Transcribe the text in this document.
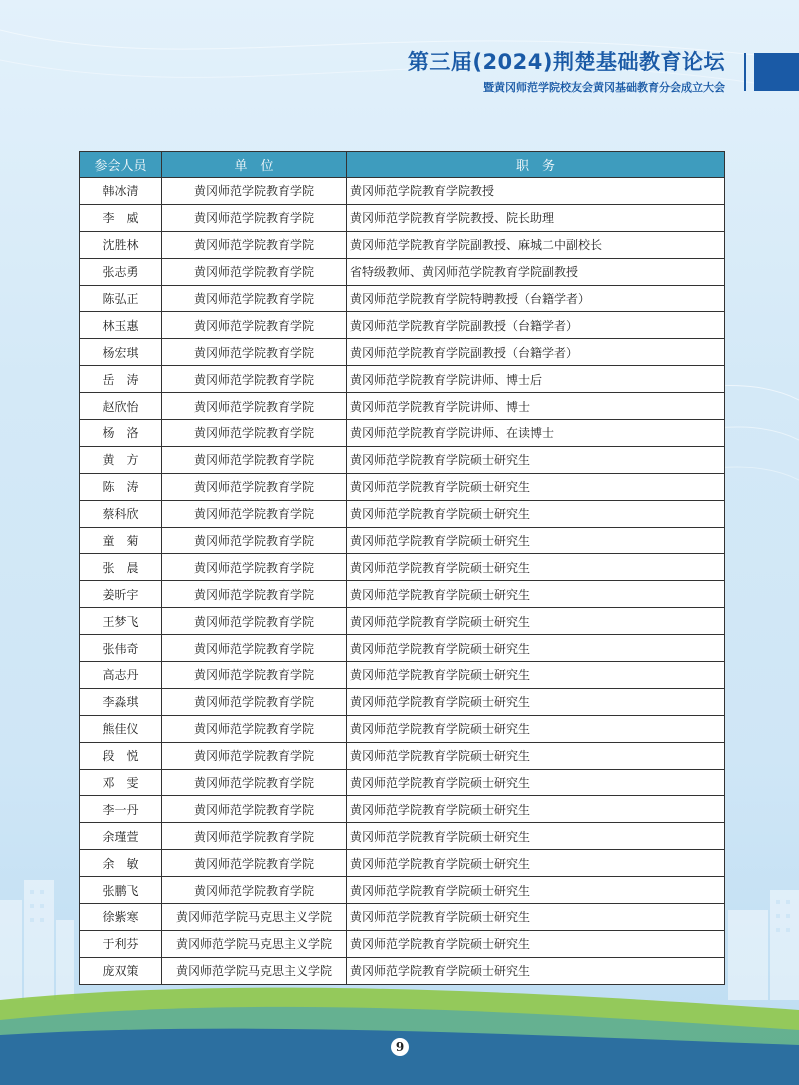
第三届(2024)荆楚基础教育论坛
暨黄冈师范学院校友会黄冈基础教育分会成立大会
参会人员	单　位	职　务
韩冰清	黄冈师范学院教育学院	黄冈师范学院教育学院教授
李　威	黄冈师范学院教育学院	黄冈师范学院教育学院教授、院长助理
沈胜林	黄冈师范学院教育学院	黄冈师范学院教育学院副教授、麻城二中副校长
张志勇	黄冈师范学院教育学院	省特级教师、黄冈师范学院教育学院副教授
陈弘正	黄冈师范学院教育学院	黄冈师范学院教育学院特聘教授（台籍学者）
林玉惠	黄冈师范学院教育学院	黄冈师范学院教育学院副教授（台籍学者）
杨宏琪	黄冈师范学院教育学院	黄冈师范学院教育学院副教授（台籍学者）
岳　涛	黄冈师范学院教育学院	黄冈师范学院教育学院讲师、博士后
赵欣怡	黄冈师范学院教育学院	黄冈师范学院教育学院讲师、博士
杨　洛	黄冈师范学院教育学院	黄冈师范学院教育学院讲师、在读博士
黄　方	黄冈师范学院教育学院	黄冈师范学院教育学院硕士研究生
陈　涛	黄冈师范学院教育学院	黄冈师范学院教育学院硕士研究生
蔡科欣	黄冈师范学院教育学院	黄冈师范学院教育学院硕士研究生
童　菊	黄冈师范学院教育学院	黄冈师范学院教育学院硕士研究生
张　晨	黄冈师范学院教育学院	黄冈师范学院教育学院硕士研究生
姜昕宇	黄冈师范学院教育学院	黄冈师范学院教育学院硕士研究生
王梦飞	黄冈师范学院教育学院	黄冈师范学院教育学院硕士研究生
张伟奇	黄冈师范学院教育学院	黄冈师范学院教育学院硕士研究生
高志丹	黄冈师范学院教育学院	黄冈师范学院教育学院硕士研究生
李淼琪	黄冈师范学院教育学院	黄冈师范学院教育学院硕士研究生
熊佳仪	黄冈师范学院教育学院	黄冈师范学院教育学院硕士研究生
段　悦	黄冈师范学院教育学院	黄冈师范学院教育学院硕士研究生
邓　雯	黄冈师范学院教育学院	黄冈师范学院教育学院硕士研究生
李一丹	黄冈师范学院教育学院	黄冈师范学院教育学院硕士研究生
余瑾萱	黄冈师范学院教育学院	黄冈师范学院教育学院硕士研究生
余　敏	黄冈师范学院教育学院	黄冈师范学院教育学院硕士研究生
张鹏飞	黄冈师范学院教育学院	黄冈师范学院教育学院硕士研究生
徐紫寒	黄冈师范学院马克思主义学院	黄冈师范学院教育学院硕士研究生
于利芬	黄冈师范学院马克思主义学院	黄冈师范学院教育学院硕士研究生
庞双策	黄冈师范学院马克思主义学院	黄冈师范学院教育学院硕士研究生
9
